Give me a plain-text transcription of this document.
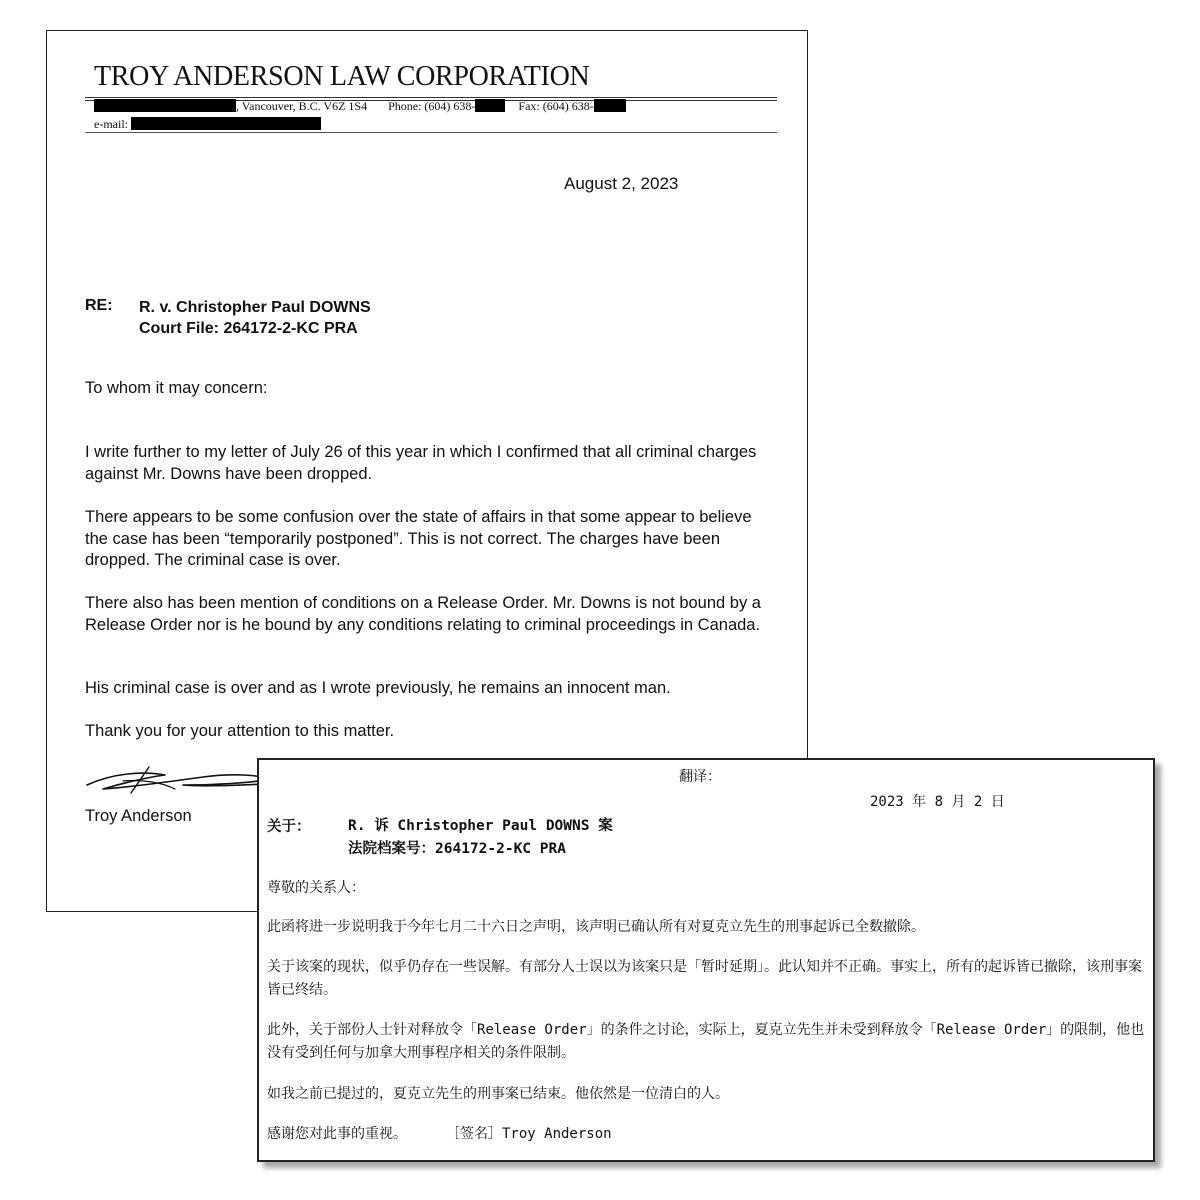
TROY ANDERSON LAW CORPORATION
, Vancouver, B.C. V6Z 1S4 Phone: (604) 638-	Fax: (604) 638-
e-mail:
August 2, 2023
RE: R. v. Christopher Paul DOWNS
Court File: 264172-2-KC PRA

To whom it may concern:

I write further to my letter of July 26 of this year in which I confirmed that all criminal charges against Mr. Downs have been dropped.

There appears to be some confusion over the state of affairs in that some appear to believe the case has been “temporarily postponed”. This is not correct. The charges have been dropped. The criminal case is over.

There also has been mention of conditions on a Release Order. Mr. Downs is not bound by a Release Order nor is he bound by any conditions relating to criminal proceedings in Canada.

His criminal case is over and as I wrote previously, he remains an innocent man.

Thank you for your attention to this matter.

Troy Anderson
翻译：
2023 年 8 月 2 日
关于：	R. 诉 Christopher Paul DOWNS 案
法院档案号：264172-2-KC PRA

尊敬的关系人：

此函将进一步说明我于今年七月二十六日之声明，该声明已确认所有对夏克立先生的刑事起诉已全数撤除。

关于该案的现状，似乎仍存在一些误解。有部分人士误以为该案只是「暂时延期」。此认知并不正确。事实上，所有的起诉皆已撤除，该刑事案皆已终结。

此外，关于部份人士针对释放令「Release Order」的条件之讨论，实际上，夏克立先生并未受到释放令「Release Order」的限制，他也没有受到任何与加拿大刑事程序相关的条件限制。

如我之前已提过的，夏克立先生的刑事案已结束。他依然是一位清白的人。

感谢您对此事的重视。	［签名］Troy Anderson
